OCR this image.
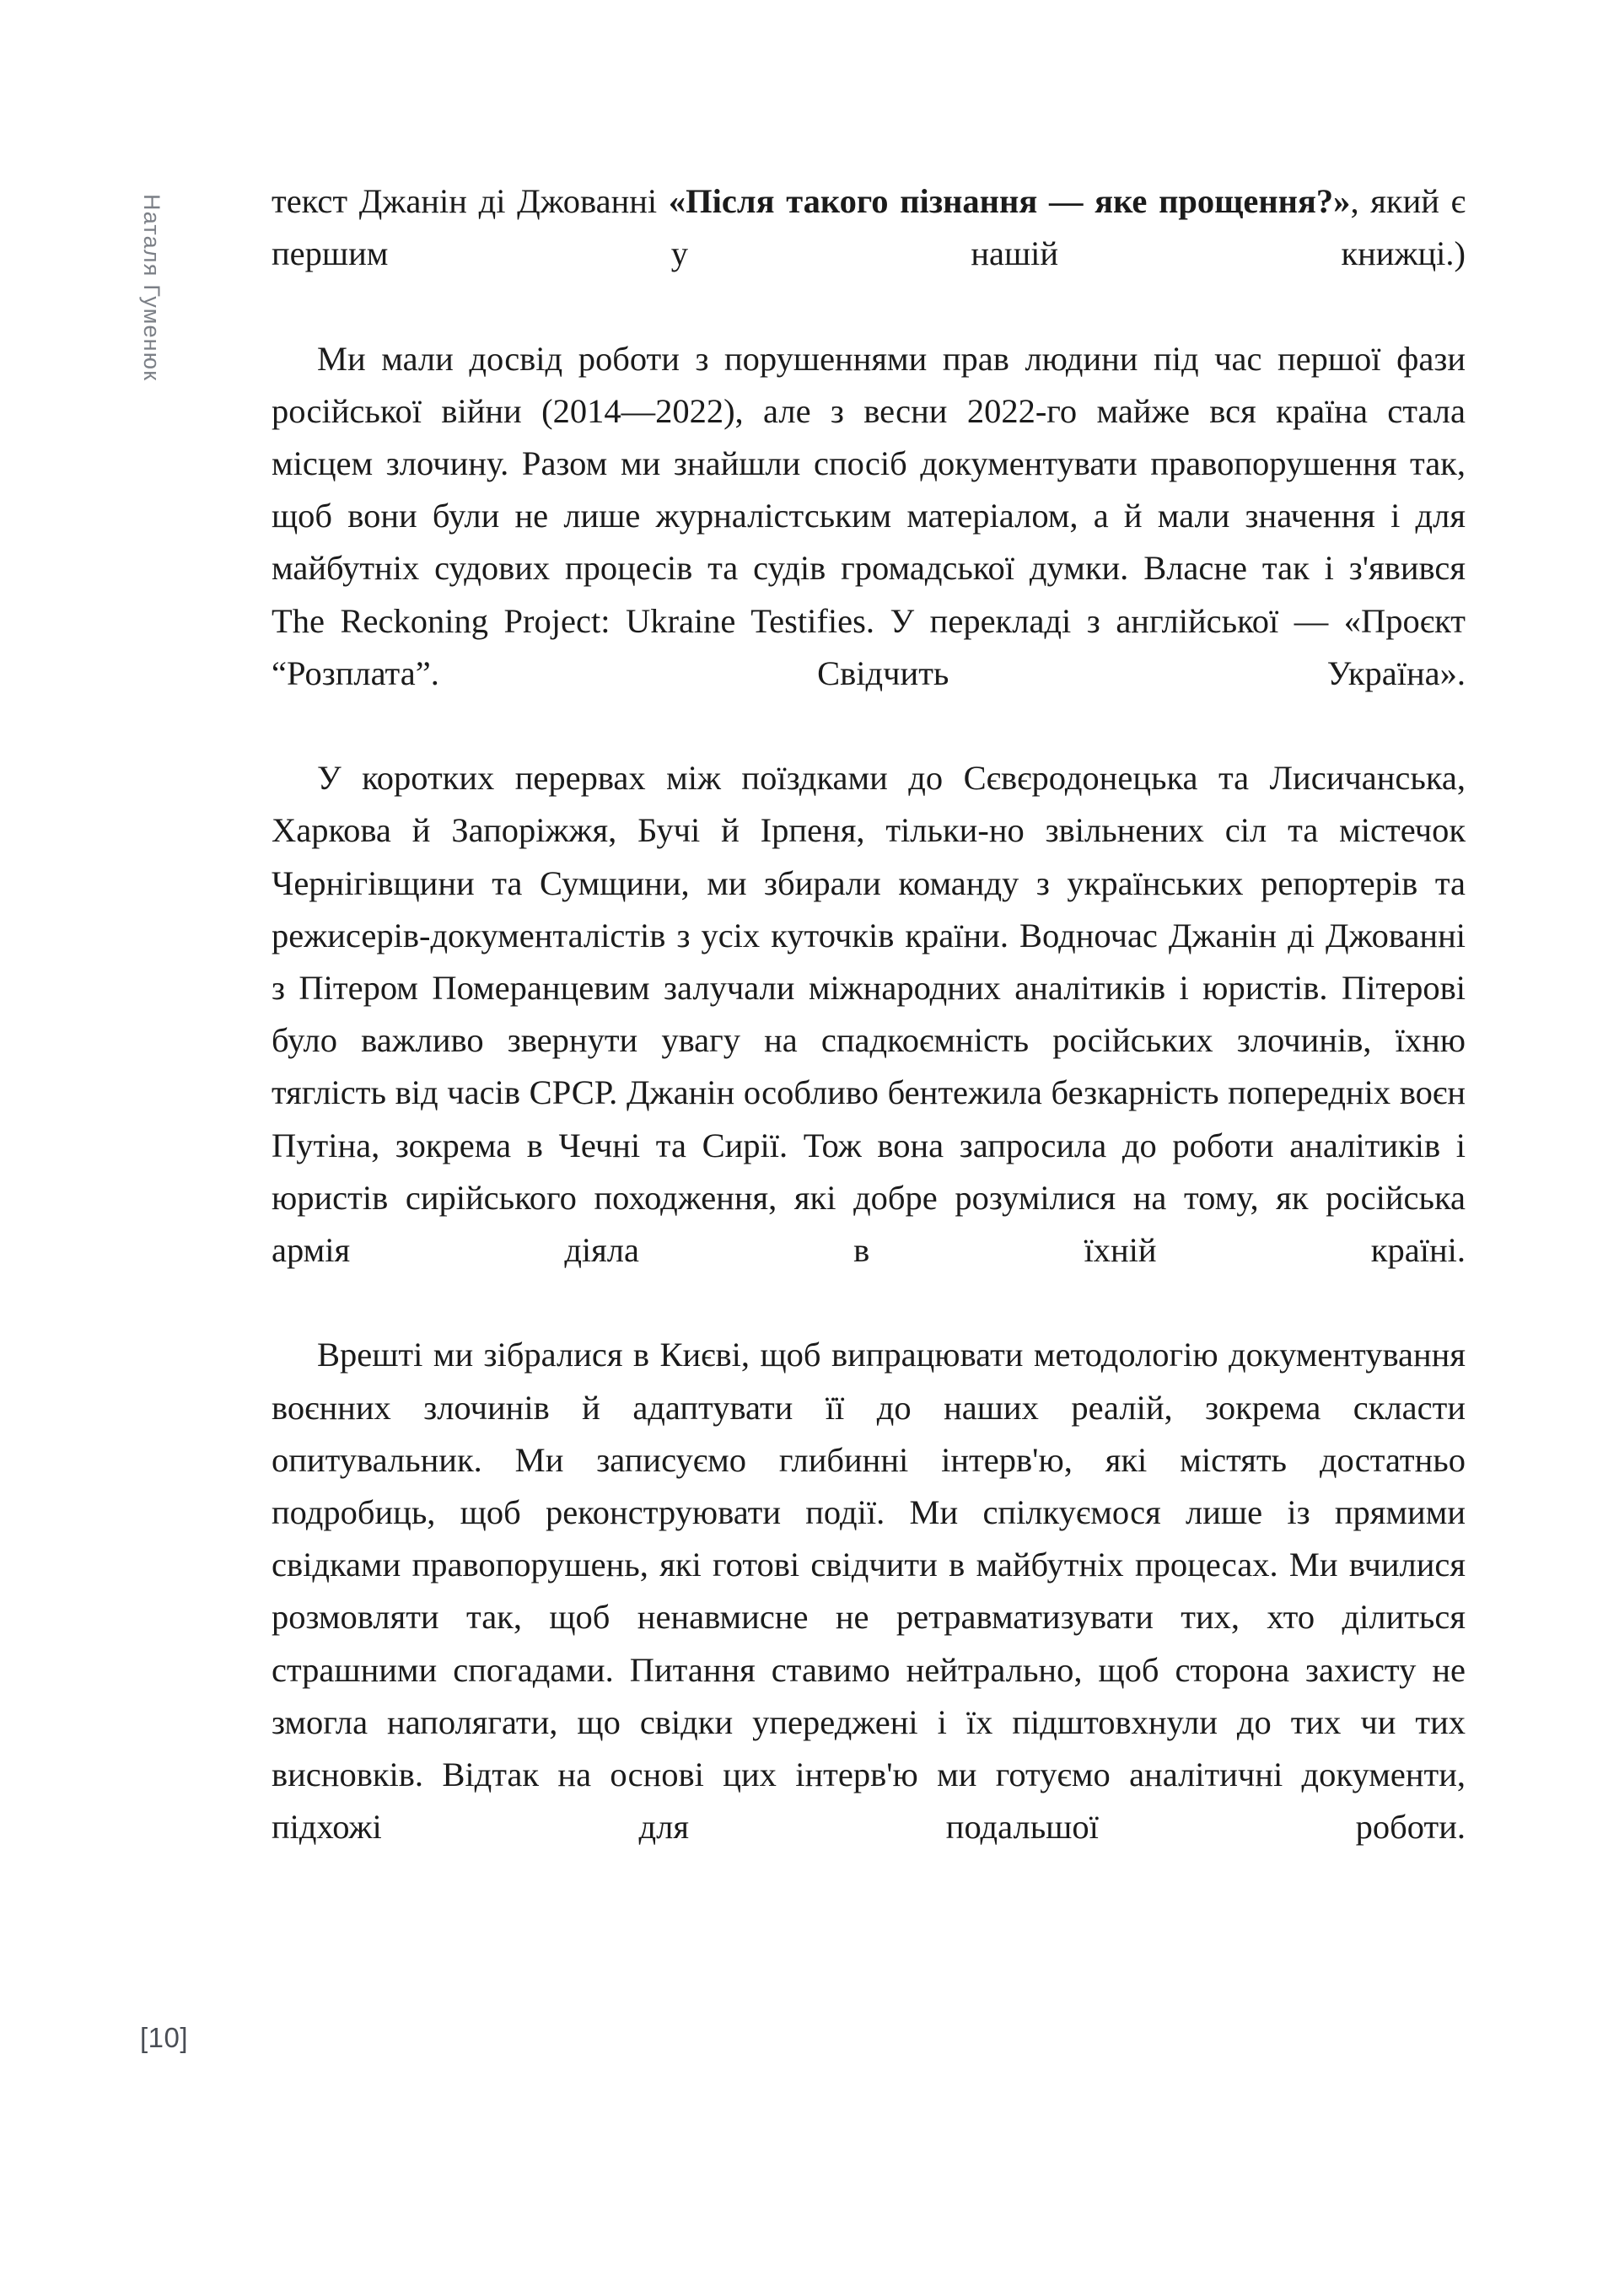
Наталя Гуменюк
[10]

текст Джанін ді Джованні «Після такого пізнання — яке прощення?», який є першим у нашій книжці.)

Ми мали досвід роботи з порушеннями прав людини під час першої фази російської війни (2014—2022), але з весни 2022-го майже вся країна стала місцем злочину. Разом ми знайшли спосіб документувати правопорушення так, щоб вони були не лише журналістським матеріалом, а й мали значення і для майбутніх судових процесів та судів громадської думки. Власне так і з'явився The Reckoning Project: Ukraine Testifies. У перекладі з англійської — «Проєкт “Розплата”. Свідчить Україна».

У коротких перервах між поїздками до Сєвєродонецька та Лисичанська, Харкова й Запоріжжя, Бучі й Ірпеня, тільки-но звільнених сіл та містечок Чернігівщини та Сумщини, ми збирали команду з українських репортерів та режисерів-документалістів з усіх куточків країни. Водночас Джанін ді Джованні з Пітером Померанцевим залучали міжнародних аналітиків і юристів. Пітерові було важливо звернути увагу на спадкоємність російських злочинів, їхню тяглість від часів СРСР. Джанін особливо бентежила безкарність попередніх воєн Путіна, зокрема в Чечні та Сирії. Тож вона запросила до роботи аналітиків і юристів сирійського походження, які добре розумілися на тому, як російська армія діяла в їхній країні.

Врешті ми зібралися в Києві, щоб випрацювати методологію документування воєнних злочинів й адаптувати її до наших реалій, зокрема скласти опитувальник. Ми записуємо глибинні інтерв'ю, які містять достатньо подробиць, щоб реконструювати події. Ми спілкуємося лише із прямими свідками правопорушень, які готові свідчити в майбутніх процесах. Ми вчилися розмовляти так, щоб ненавмисне не ретравматизувати тих, хто ділиться страшними спогадами. Питання ставимо нейтрально, щоб сторона захисту не змогла наполягати, що свідки упереджені і їх підштовхнули до тих чи тих висновків. Відтак на основі цих інтерв'ю ми готуємо аналітичні документи, підхожі для подальшої роботи.
